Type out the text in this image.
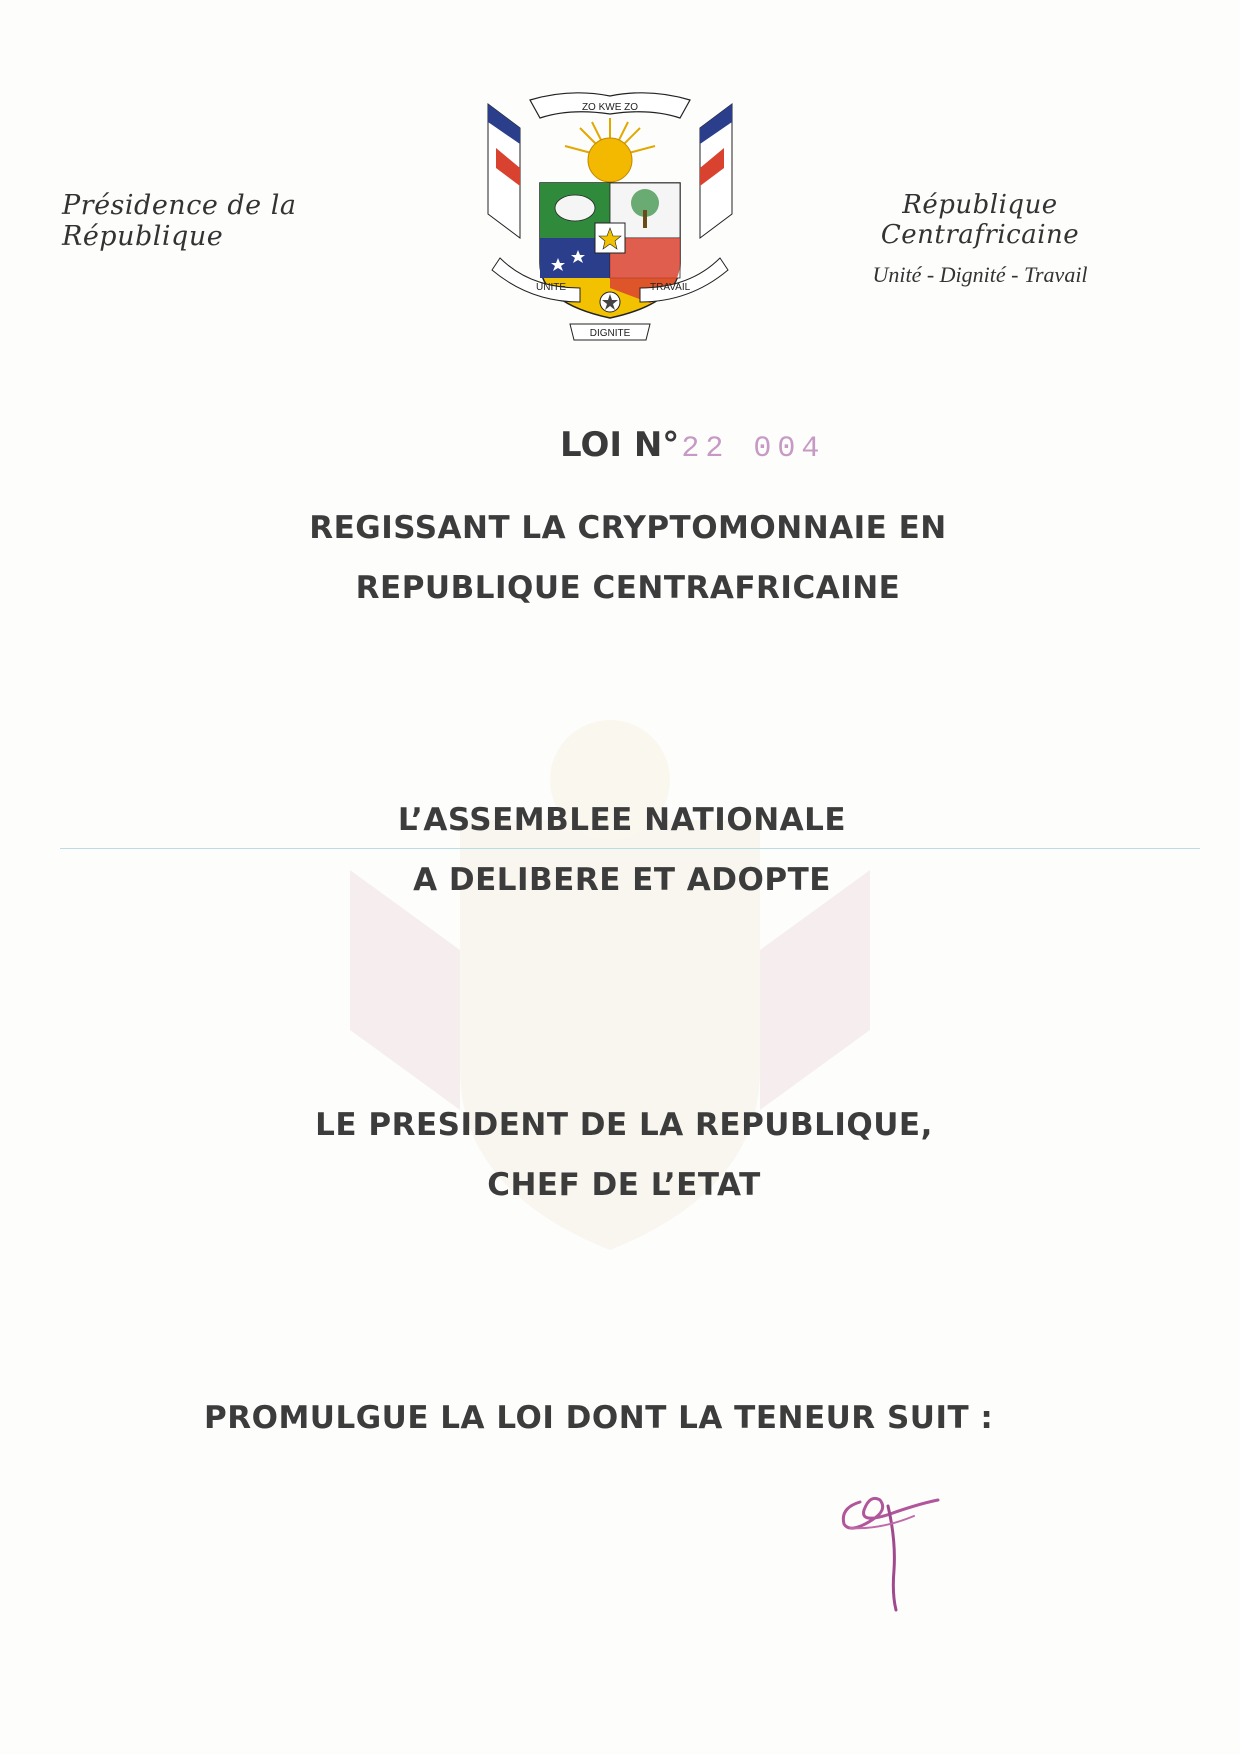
Présidence de la République
ZO KWE ZO
UNITE	TRAVAIL
DIGNITE
République Centrafricaine
Unité - Dignité - Travail
LOI N°22 004
REGISSANT LA CRYPTOMONNAIE EN
REPUBLIQUE CENTRAFRICAINE
L’ASSEMBLEE NATIONALE
A DELIBERE ET ADOPTE
LE PRESIDENT DE LA REPUBLIQUE,
CHEF DE L’ETAT
PROMULGUE LA LOI DONT LA TENEUR SUIT :
